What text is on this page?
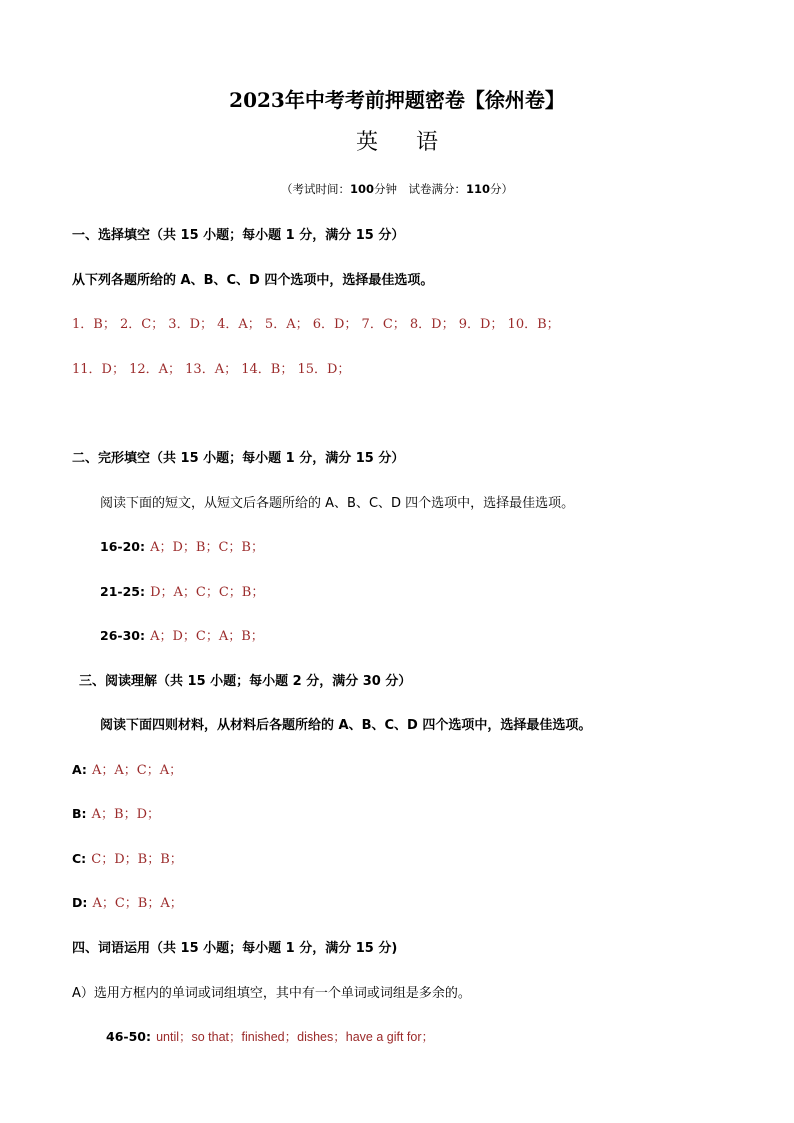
2023年中考考前押题密卷【徐州卷】
英语
（考试时间：100分钟　试卷满分：110分）
一、选择填空（共 15 小题；每小题 1 分，满分 15 分）
从下列各题所给的 A、B、C、D 四个选项中，选择最佳选项。
1．B； 2．C； 3．D； 4．A； 5．A； 6．D； 7．C； 8．D； 9．D； 10．B；
11．D； 12．A； 13．A； 14．B； 15．D；
二、完形填空（共 15 小题；每小题 1 分，满分 15 分）
阅读下面的短文，从短文后各题所给的 A、B、C、D 四个选项中，选择最佳选项。
16-20: A；D；B；C；B；
21-25: D；A；C；C；B；
26-30: A；D；C；A；B；
三、阅读理解（共 15 小题；每小题 2 分，满分 30 分）
阅读下面四则材料，从材料后各题所给的 A、B、C、D 四个选项中，选择最佳选项。
A: A；A；C；A；
B: A；B；D；
C: C；D；B；B；
D: A；C；B；A；
四、词语运用（共 15 小题；每小题 1 分，满分 15 分)
A）选用方框内的单词或词组填空，其中有一个单词或词组是多余的。
46-50: until；so that；finished；dishes；have a gift for；
